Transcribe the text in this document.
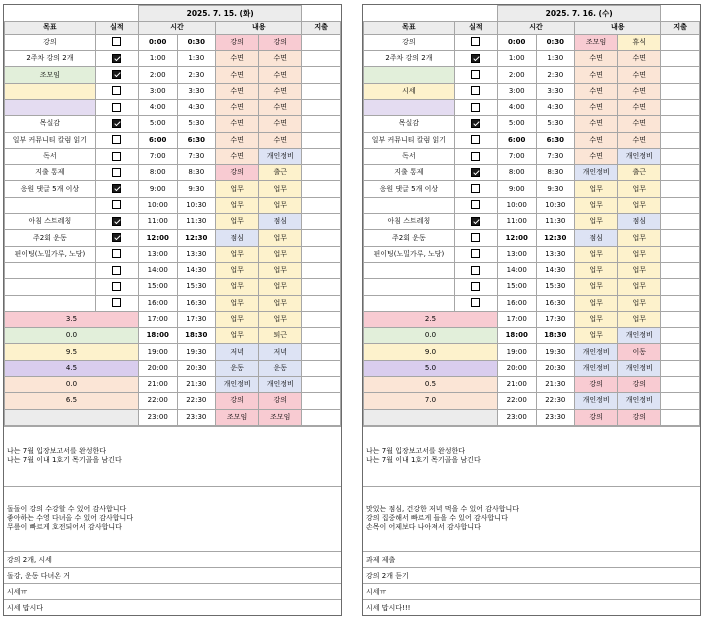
		2025. 7. 15. (화)				
목표	실적	시간		내용		지출
강의		0:00	0:30	강의	강의	
2주차 강의 2개		1:00	1:30	수면	수면	
조모임		2:00	2:30	수면	수면	
		3:00	3:30	수면	수면	
		4:00	4:30	수면	수면	
목실감		5:00	5:30	수면	수면	
일부 커뮤니티 칼럼 읽기		6:00	6:30	수면	수면	
독서		7:00	7:30	수면	개인정비	
지출 통제		8:00	8:30	강의	출근	
응원 댓글 5개 이상		9:00	9:30	업무	업무	
		10:00	10:30	업무	업무	
아침 스트레칭		11:00	11:30	업무	점심	
주2회 운동		12:00	12:30	점심	업무	
핀이팅(노밀가루, 노당)		13:00	13:30	업무	업무	
		14:00	14:30	업무	업무	
		15:00	15:30	업무	업무	
		16:00	16:30	업무	업무	
3.5		17:00	17:30	업무	업무	
0.0		18:00	18:30	업무	퇴근	
9.5		19:00	19:30	저녁	저녁	
4.5		20:00	20:30	운동	운동	
0.0		21:00	21:30	개인정비	개인정비	
6.5		22:00	22:30	강의	강의	
		23:00	23:30	조모임	조모임	
나는 7월 입장보고서를 완성한다
나는 7월 이내 1호기 목기골을 남긴다
돌돌이 강의 수강할 수 있어 감사합니다
좋아하는 수영 다녀올 수 있어 감사합니다
무릎이 빠르게 호전되어서 감사합니다
강의 2개, 시세
돌강, 운동 다녀온 거
시세ㅠ
시세 맙시다
		2025. 7. 16. (수)				
목표	실적	시간		내용		지출
강의		0:00	0:30	조모임	휴식	
2주차 강의 2개		1:00	1:30	수면	수면	
		2:00	2:30	수면	수면	
시세		3:00	3:30	수면	수면	
		4:00	4:30	수면	수면	
목실감		5:00	5:30	수면	수면	
일부 커뮤니티 칼럼 읽기		6:00	6:30	수면	수면	
독서		7:00	7:30	수면	개인정비	
지출 통제		8:00	8:30	개인정비	출근	
응원 댓글 5개 이상		9:00	9:30	업무	업무	
		10:00	10:30	업무	업무	
아침 스트레칭		11:00	11:30	업무	점심	
주2회 운동		12:00	12:30	점심	업무	
핀이팅(노밀가루, 노당)		13:00	13:30	업무	업무	
		14:00	14:30	업무	업무	
		15:00	15:30	업무	업무	
		16:00	16:30	업무	업무	
2.5		17:00	17:30	업무	업무	
0.0		18:00	18:30	업무	개인정비	
9.0		19:00	19:30	개인정비	이동	
5.0		20:00	20:30	개인정비	개인정비	
0.5		21:00	21:30	강의	강의	
7.0		22:00	22:30	개인정비	개인정비	
		23:00	23:30	강의	강의	
나는 7월 입장보고서를 완성한다
나는 7월 이내 1호기 목기골을 남긴다
맛있는 점심, 건강한 저녁 먹을 수 있어 감사합니다
강의 집중해서 빠르게 들을 수 있어 감사합니다
손목이 어제보다 나아져서 감사합니다
과제 제출
강의 2개 듣기
시세ㅠ
시세 맙시다!!!
